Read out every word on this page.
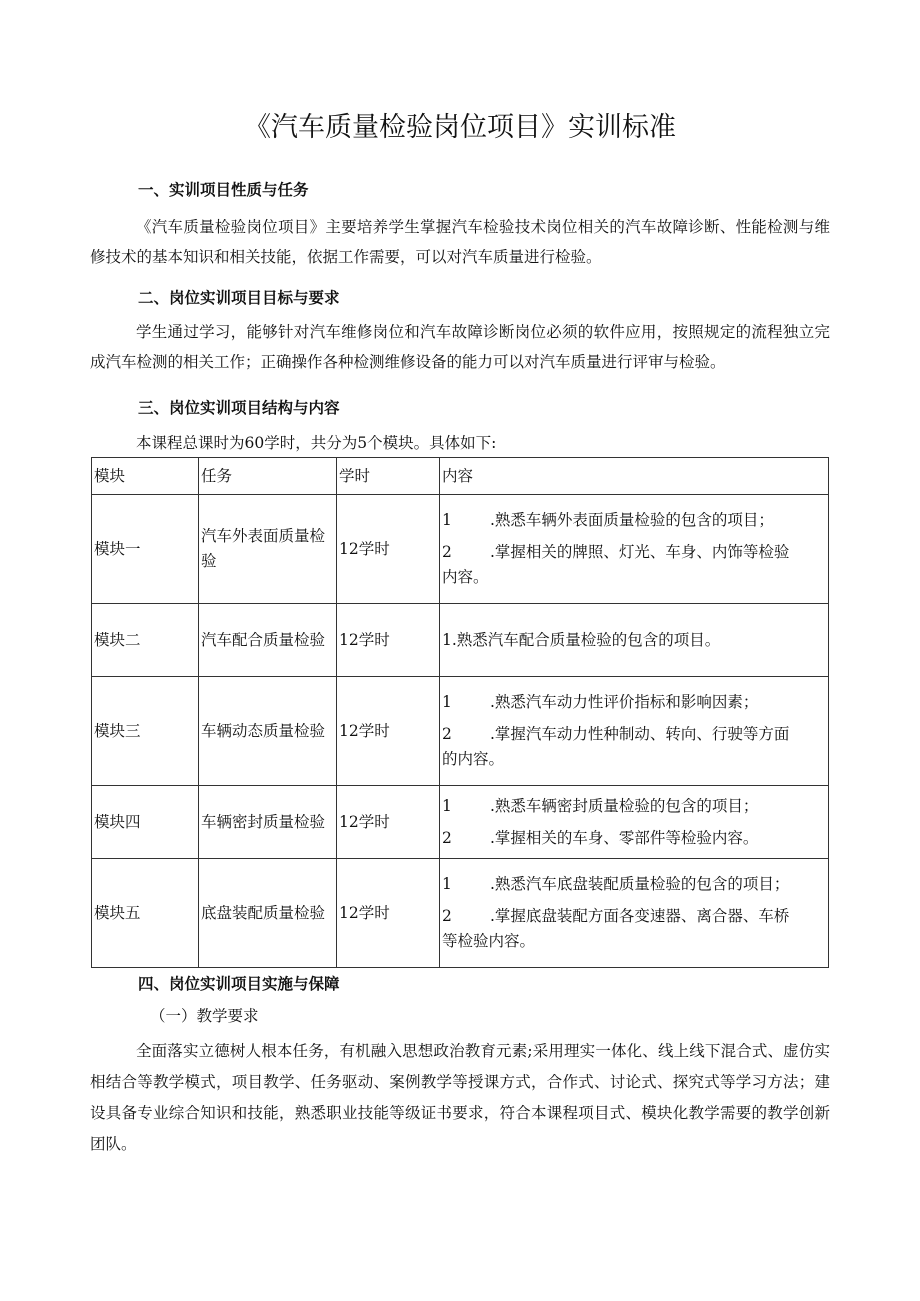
《汽车质量检验岗位项目》实训标准
一、实训项目性质与任务
《汽车质量检验岗位项目》主要培养学生掌握汽车检验技术岗位相关的汽车故障诊断、性能检测与维修技术的基本知识和相关技能，依据工作需要，可以对汽车质量进行检验。
二、岗位实训项目目标与要求
学生通过学习，能够针对汽车维修岗位和汽车故障诊断岗位必须的软件应用，按照规定的流程独立完成汽车检测的相关工作；正确操作各种检测维修设备的能力可以对汽车质量进行评审与检验。
三、岗位实训项目结构与内容
本课程总课时为60学时，共分为5个模块。具体如下:
模块	任务	学时	内容
模块一	汽车外表面质量检验	12学时	1 .熟悉车辆外表面质量检验的包含的项目；
2 .掌握相关的牌照、灯光、车身、内饰等检验
内容。

模块二	汽车配合质量检验	12学时	1.熟悉汽车配合质量检验的包含的项目。
模块三	车辆动态质量检验	12学时	1 .熟悉汽车动力性评价指标和影响因素；
2 .掌握汽车动力性种制动、转向、行驶等方面
的内容。

模块四	车辆密封质量检验	12学时	1 .熟悉车辆密封质量检验的包含的项目；
2 .掌握相关的车身、零部件等检验内容。

模块五	底盘装配质量检验	12学时	1 .熟悉汽车底盘装配质量检验的包含的项目；
2 .掌握底盘装配方面各变速器、离合器、车桥
等检验内容。
四、岗位实训项目实施与保障
（一）教学要求
全面落实立德树人根本任务，有机融入思想政治教育元素;采用理实一体化、线上线下混合式、虚仿实相结合等教学模式，项目教学、任务驱动、案例教学等授课方式，合作式、讨论式、探究式等学习方法；建设具备专业综合知识和技能，熟悉职业技能等级证书要求，符合本课程项目式、模块化教学需要的教学创新团队。
